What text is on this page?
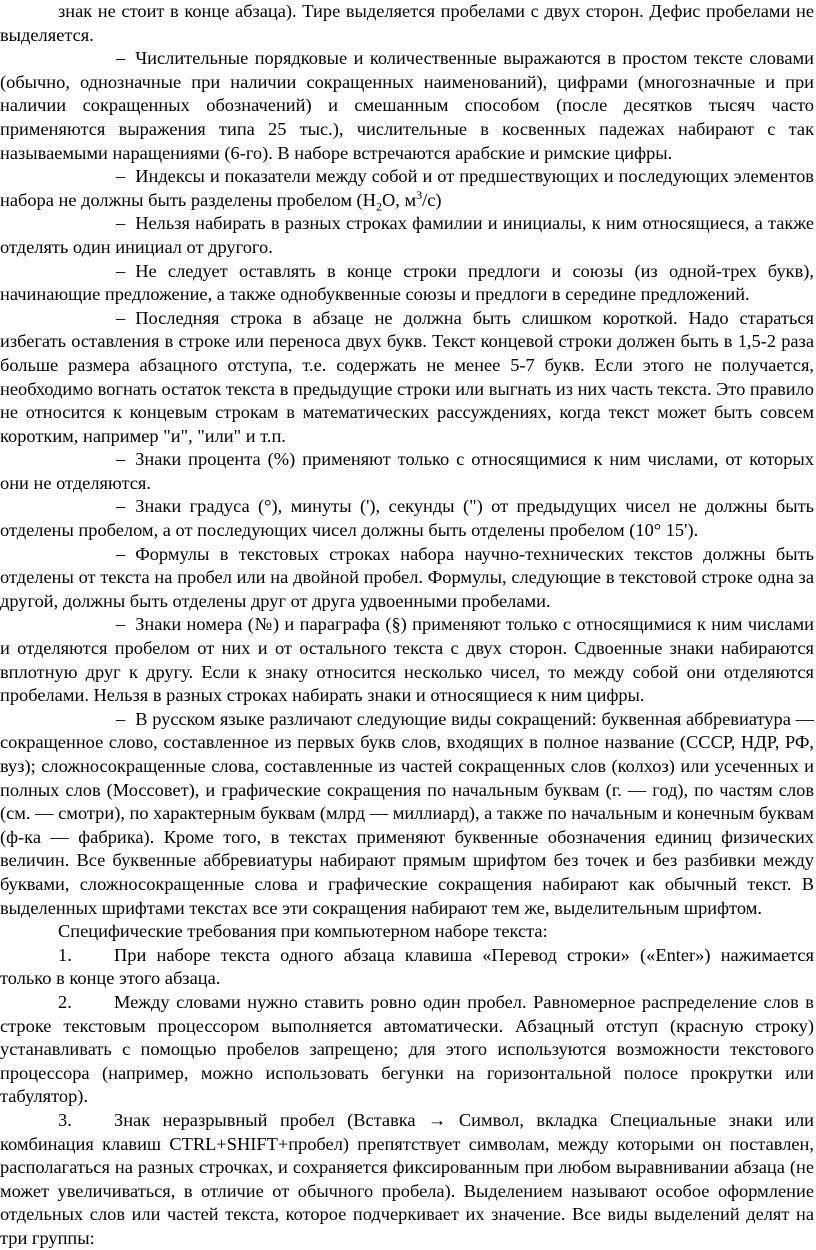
знак не стоит в конце абзаца). Тире выделяется пробелами с двух сторон. Дефис пробелами не выделяется.

– Числительные порядковые и количественные выражаются в простом тексте словами (обычно, однозначные при наличии сокращенных наименований), цифрами (многозначные и при наличии сокращенных обозначений) и смешанным способом (после десятков тысяч часто применяются выражения типа 25 тыс.), числительные в косвенных падежах набирают с так называемыми наращениями (6-го). В наборе встречаются арабские и римские цифры.

– Индексы и показатели между собой и от предшествующих и последующих элементов набора не должны быть разделены пробелом ($H_2O$, $м^3/с$)

– Нельзя набирать в разных строках фамилии и инициалы, к ним относящиеся, а также отделять один инициал от другого.

– Не следует оставлять в конце строки предлоги и союзы (из одной-трех букв), начинающие предложение, а также однобуквенные союзы и предлоги в середине предложений.

– Последняя строка в абзаце не должна быть слишком короткой. Надо стараться избегать оставления в строке или переноса двух букв. Текст концевой строки должен быть в 1,5-2 раза больше размера абзацного отступа, т.е. содержать не менее 5-7 букв. Если этого не получается, необходимо вогнать остаток текста в предыдущие строки или выгнать из них часть текста. Это правило не относится к концевым строкам в математических рассуждениях, когда текст может быть совсем коротким, например "и", "или" и т.п.

– Знаки процента (%) применяют только с относящимися к ним числами, от которых они не отделяются.

– Знаки градуса (°), минуты ('), секунды (") от предыдущих чисел не должны быть отделены пробелом, а от последующих чисел должны быть отделены пробелом (10° 15').

– Формулы в текстовых строках набора научно-технических текстов должны быть отделены от текста на пробел или на двойной пробел. Формулы, следующие в текстовой строке одна за другой, должны быть отделены друг от друга удвоенными пробелами.

– Знаки номера (№) и параграфа (§) применяют только с относящимися к ним числами и отделяются пробелом от них и от остального текста с двух сторон. Сдвоенные знаки набираются вплотную друг к другу. Если к знаку относится несколько чисел, то между собой они отделяются пробелами. Нельзя в разных строках набирать знаки и относящиеся к ним цифры.

– В русском языке различают следующие виды сокращений: буквенная аббревиатура — сокращенное слово, составленное из первых букв слов, входящих в полное название (СССР, НДР, РФ, вуз); сложносокращенные слова, составленные из частей сокращенных слов (колхоз) или усеченных и полных слов (Моссовет), и графические сокращения по начальным буквам (г. — год), по частям слов (см. — смотри), по характерным буквам (млрд — миллиард), а также по начальным и конечным буквам (ф-ка — фабрика). Кроме того, в текстах применяют буквенные обозначения единиц физических величин. Все буквенные аббревиатуры набирают прямым шрифтом без точек и без разбивки между буквами, сложносокращенные слова и графические сокращения набирают как обычный текст. В выделенных шрифтами текстах все эти сокращения набирают тем же, выделительным шрифтом.

Специфические требования при компьютерном наборе текста:

1. При наборе текста одного абзаца клавиша «Перевод строки» («Enter») нажимается только в конце этого абзаца.

2. Между словами нужно ставить ровно один пробел. Равномерное распределение слов в строке текстовым процессором выполняется автоматически. Абзацный отступ (красную строку) устанавливать с помощью пробелов запрещено; для этого используются возможности текстового процессора (например, можно использовать бегунки на горизонтальной полосе прокрутки или табулятор).

3. Знак неразрывный пробел (Вставка → Символ, вкладка Специальные знаки или комбинация клавиш CTRL+SHIFT+пробел) препятствует символам, между которыми он поставлен, располагаться на разных строчках, и сохраняется фиксированным при любом выравнивании абзаца (не может увеличиваться, в отличие от обычного пробела). Выделением называют особое оформление отдельных слов или частей текста, которое подчеркивает их значение. Все виды выделений делят на три группы:
